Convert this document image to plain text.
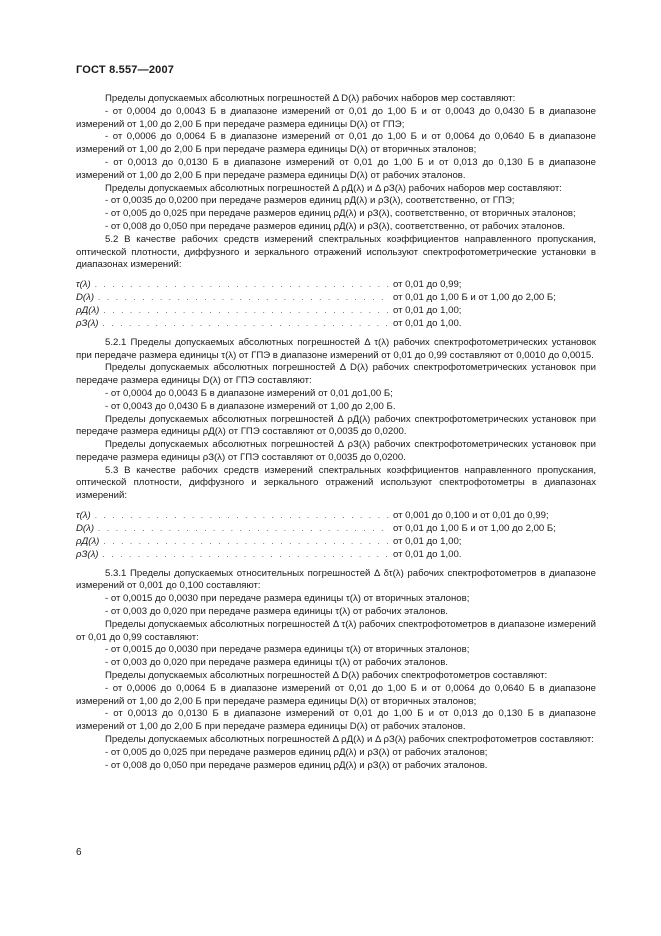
ГОСТ 8.557—2007

Пределы допускаемых абсолютных погрешностей Δ D(λ) рабочих наборов мер составляют:

- от 0,0004 до 0,0043 Б в диапазоне измерений от 0,01 до 1,00 Б и от 0,0043 до 0,0430 Б в диапазоне измерений от 1,00 до 2,00 Б при передаче размера единицы D(λ) от ГПЭ;

- от 0,0006 до 0,0064 Б в диапазоне измерений от 0,01 до 1,00 Б и от 0,0064 до 0,0640 Б в диапазоне измерений от 1,00 до 2,00 Б при передаче размера единицы D(λ) от вторичных эталонов;

- от 0,0013 до 0,0130 Б в диапазоне измерений от 0,01 до 1,00 Б и от 0,013 до 0,130 Б в диапазоне измерений от 1,00 до 2,00 Б при передаче размера единицы D(λ) от рабочих эталонов.

Пределы допускаемых абсолютных погрешностей Δ ρД(λ) и Δ ρЗ(λ) рабочих наборов мер составляют:

- от 0,0035 до 0,0200 при передаче размеров единиц ρД(λ) и ρЗ(λ), соответственно, от ГПЭ;

- от 0,005 до 0,025 при передаче размеров единиц ρД(λ) и ρЗ(λ), соответственно, от вторичных эталонов;

- от 0,008 до 0,050 при передаче размеров единиц ρД(λ) и ρЗ(λ), соответственно, от рабочих эталонов.

5.2 В качестве рабочих средств измерений спектральных коэффициентов направленного пропускания, оптической плотности, диффузного и зеркального отражений используют спектрофотометрические установки в диапазонах измерений:

τ(λ) . . .	от 0,01 до 0,99;
D(λ) . . .	от 0,01 до 1,00 Б и от 1,00 до 2,00 Б;
ρД(λ) . . .	от 0,01 до 1,00;
ρЗ(λ) . . .	от 0,01 до 1,00.

5.2.1 Пределы допускаемых абсолютных погрешностей Δ τ(λ) рабочих спектрофотометрических установок при передаче размера единицы τ(λ) от ГПЭ в диапазоне измерений от 0,01 до 0,99 составляют от 0,0010 до 0,0015.

Пределы допускаемых абсолютных погрешностей Δ D(λ) рабочих спектрофотометрических установок при передаче размера единицы D(λ) от ГПЭ составляют:

- от 0,0004 до 0,0043 Б в диапазоне измерений от 0,01 до1,00 Б;

- от 0,0043 до 0,0430 Б в диапазоне измерений от 1,00 до 2,00 Б.

Пределы допускаемых абсолютных погрешностей Δ ρД(λ) рабочих спектрофотометрических установок при передаче размера единицы ρД(λ) от ГПЭ составляют от 0,0035 до 0,0200.

Пределы допускаемых абсолютных погрешностей Δ ρЗ(λ) рабочих спектрофотометрических установок при передаче размера единицы ρЗ(λ) от ГПЭ составляют от 0,0035 до 0,0200.

5.3 В качестве рабочих средств измерений спектральных коэффициентов направленного пропускания, оптической плотности, диффузного и зеркального отражений используют спектрофотометры в диапазонах измерений:

τ(λ) . . .	от 0,001 до 0,100 и от 0,01 до 0,99;
D(λ) . . .	от 0,01 до 1,00 Б и от 1,00 до 2,00 Б;
ρД(λ) . . .	от 0,01 до 1,00;
ρЗ(λ) . . .	от 0,01 до 1,00.

5.3.1 Пределы допускаемых относительных погрешностей Δ δτ(λ) рабочих спектрофотометров в диапазоне измерений от 0,001 до 0,100 составляют:

- от 0,0015 до 0,0030 при передаче размера единицы τ(λ) от вторичных эталонов;

- от 0,003 до 0,020 при передаче размера единицы τ(λ) от рабочих эталонов.

Пределы допускаемых абсолютных погрешностей Δ τ(λ) рабочих спектрофотометров в диапазоне измерений от 0,01 до 0,99 составляют:

- от 0,0015 до 0,0030 при передаче размера единицы τ(λ) от вторичных эталонов;

- от 0,003 до 0,020 при передаче размера единицы τ(λ) от рабочих эталонов.

Пределы допускаемых абсолютных погрешностей Δ D(λ) рабочих спектрофотометров составляют:

- от 0,0006 до 0,0064 Б в диапазоне измерений от 0,01 до 1,00 Б и от 0,0064 до 0,0640 Б в диапазоне измерений от 1,00 до 2,00 Б при передаче размера единицы D(λ) от вторичных эталонов;

- от 0,0013 до 0,0130 Б в диапазоне измерений от 0,01 до 1,00 Б и от 0,013 до 0,130 Б в диапазоне измерений от 1,00 до 2,00 Б при передаче размера единицы D(λ) от рабочих эталонов.

Пределы допускаемых абсолютных погрешностей Δ ρД(λ) и Δ ρЗ(λ) рабочих спектрофотометров составляют:

- от 0,005 до 0,025 при передаче размеров единиц ρД(λ) и ρЗ(λ) от рабочих эталонов;

- от 0,008 до 0,050 при передаче размеров единиц ρД(λ) и ρЗ(λ) от рабочих эталонов.

6
